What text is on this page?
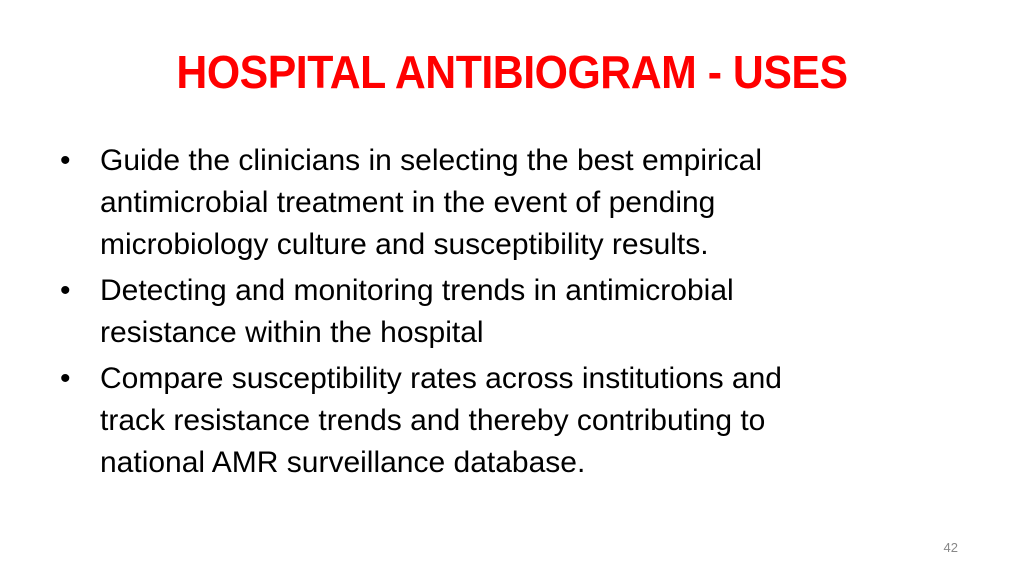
HOSPITAL ANTIBIOGRAM - USES
• Guide the clinicians in selecting the best empirical
antimicrobial treatment in the event of pending
microbiology culture and susceptibility results.
• Detecting and monitoring trends in antimicrobial
resistance within the hospital
• Compare susceptibility rates across institutions and
track resistance trends and thereby contributing to
national AMR surveillance database.
42
